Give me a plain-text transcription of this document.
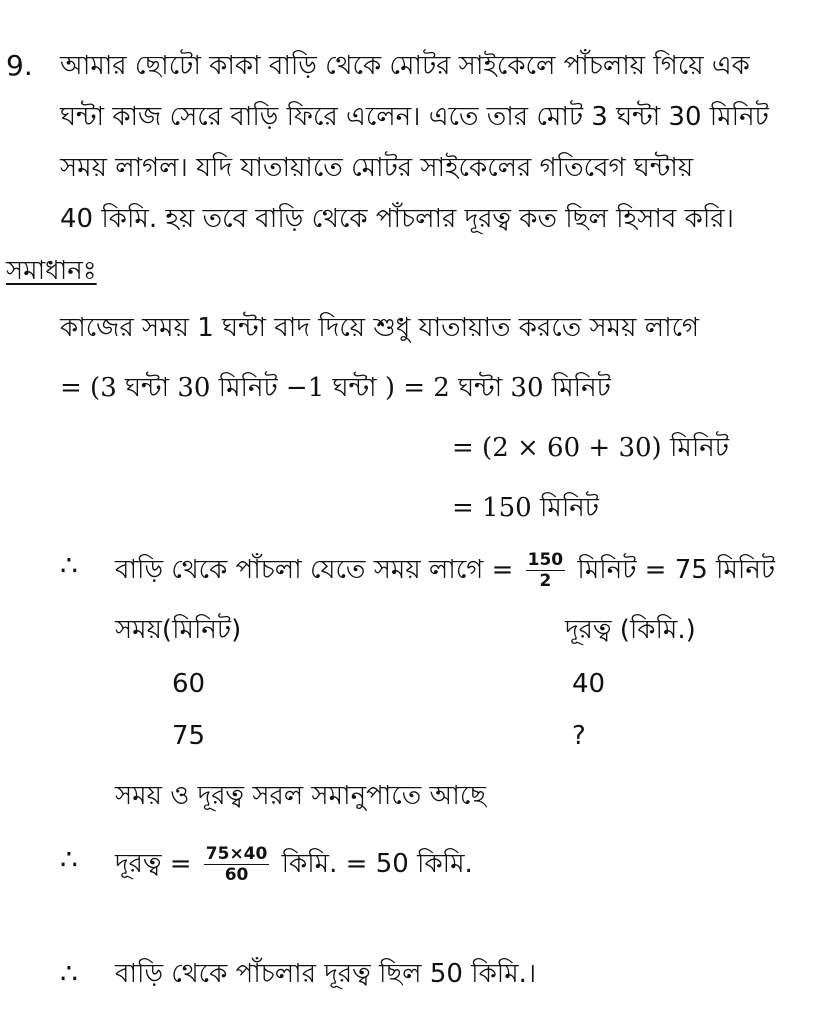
9. আমার ছোটো কাকা বাড়ি থেকে মোটর সাইকেলে পাঁচলায় গিয়ে এক
ঘন্টা কাজ সেরে বাড়ি ফিরে এলেন। এতে তার মোট 3 ঘন্টা 30 মিনিট
সময় লাগল। যদি যাতায়াতে মোটর সাইকেলের গতিবেগ ঘন্টায়
40 কিমি. হয় তবে বাড়ি থেকে পাঁচলার দূরত্ব কত ছিল হিসাব করি।
সমাধানঃ
কাজের সময় 1 ঘন্টা বাদ দিয়ে শুধু যাতায়াত করতে সময় লাগে
= (3 ঘন্টা 30 মিনিট −1 ঘন্টা ) = 2 ঘন্টা 30 মিনিট
= (2 × 60 + 30) মিনিট
= 150 মিনিট
∴ বাড়ি থেকে পাঁচলা যেতে সময় লাগে = $\frac{150}{2}$ মিনিট = 75 মিনিট
সময়(মিনিট)	দূরত্ব (কিমি.)
60	40
75	?
সময় ও দূরত্ব সরল সমানুপাতে আছে
∴ দূরত্ব = $\frac{75\times 40}{60}$ কিমি. = 50 কিমি.
∴ বাড়ি থেকে পাঁচলার দূরত্ব ছিল 50 কিমি.।
